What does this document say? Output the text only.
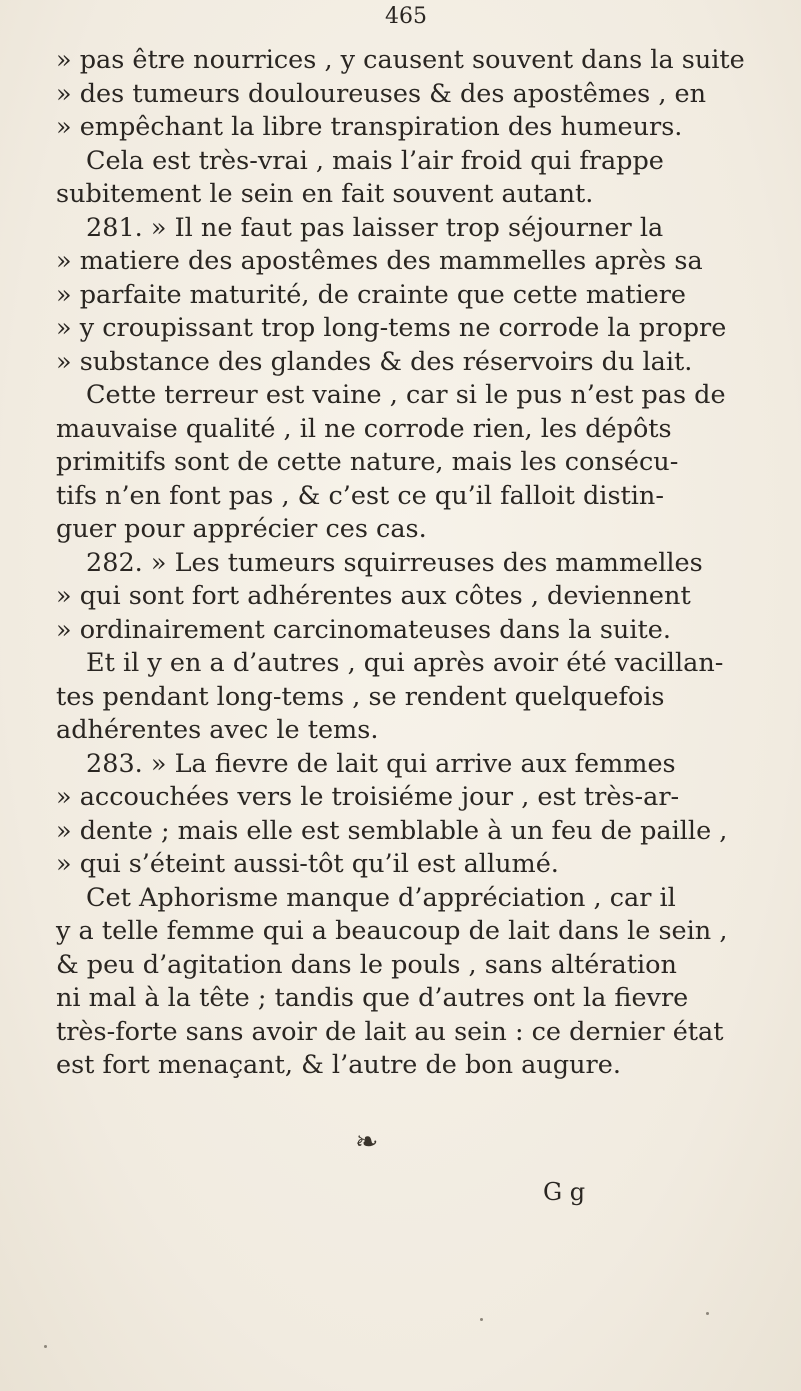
465
» pas être nourrices , y causent souvent dans la suite
» des tumeurs douloureuses & des apostêmes , en
» empêchant la libre transpiration des humeurs.
Cela est très-vrai , mais l’air froid qui frappe
subitement le sein en fait souvent autant.
281. » Il ne faut pas laisser trop séjourner la
» matiere des apostêmes des mammelles après sa
» parfaite maturité, de crainte que cette matiere
» y croupissant trop long-tems ne corrode la propre
» substance des glandes & des réservoirs du lait.
Cette terreur est vaine , car si le pus n’est pas de
mauvaise qualité , il ne corrode rien, les dépôts
primitifs sont de cette nature, mais les consécu-
tifs n’en font pas , & c’est ce qu’il falloit distin-
guer pour apprécier ces cas.
282. » Les tumeurs squirreuses des mammelles
» qui sont fort adhérentes aux côtes , deviennent
» ordinairement carcinomateuses dans la suite.
Et il y en a d’autres , qui après avoir été vacillan-
tes pendant long-tems , se rendent quelquefois
adhérentes avec le tems.
283. » La fievre de lait qui arrive aux femmes
» accouchées vers le troisiéme jour , est très-ar-
» dente ; mais elle est semblable à un feu de paille ,
» qui s’éteint aussi-tôt qu’il est allumé.
Cet Aphorisme manque d’appréciation , car il
y a telle femme qui a beaucoup de lait dans le sein ,
& peu d’agitation dans le pouls , sans altération
ni mal à la tête ; tandis que d’autres ont la fievre
très-forte sans avoir de lait au sein : ce dernier état
est fort menaçant, & l’autre de bon augure.
❧
G g
